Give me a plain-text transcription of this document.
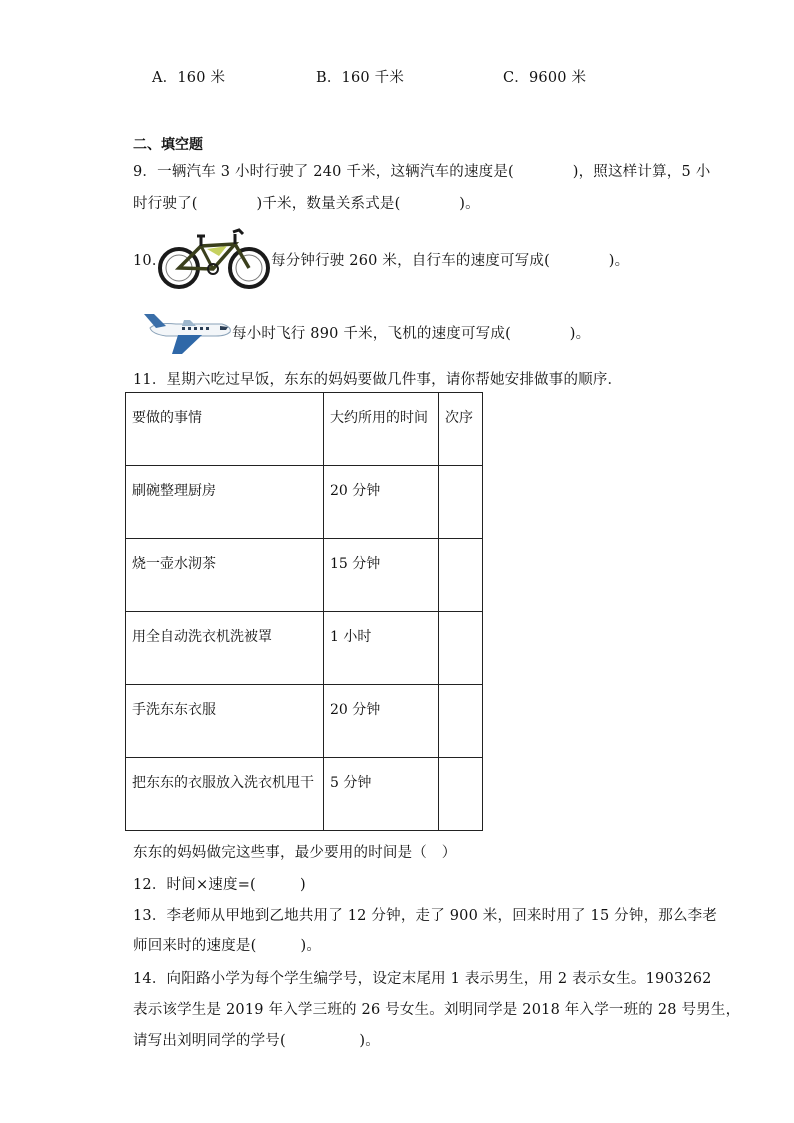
A．160 米	B．160 千米	C．9600 米
二、填空题
9．一辆汽车 3 小时行驶了 240 千米，这辆汽车的速度是(　　　　)，照这样计算，5 小
时行驶了(　　　　)千米，数量关系式是(　　　　)。
10．	每分钟行驶 260 米，自行车的速度可写成(　　　　)。
每小时飞行 890 千米，飞机的速度可写成(　　　　)。
11．星期六吃过早饭，东东的妈妈要做几件事，请你帮她安排做事的顺序．
要做的事情	大约所用的时间	次序
刷碗整理厨房	20 分钟	
烧一壶水沏茶	15 分钟	
用全自动洗衣机洗被罩	1 小时	
手洗东东衣服	20 分钟	
把东东的衣服放入洗衣机甩干	5 分钟	
东东的妈妈做完这些事，最少要用的时间是（　）
12．时间×速度=(　　　)
13．李老师从甲地到乙地共用了 12 分钟，走了 900 米，回来时用了 15 分钟，那么李老
师回来时的速度是(　　　)。
14．向阳路小学为每个学生编学号，设定末尾用 1 表示男生，用 2 表示女生。1903262
表示该学生是 2019 年入学三班的 26 号女生。刘明同学是 2018 年入学一班的 28 号男生，
请写出刘明同学的学号(　　　　　)。
